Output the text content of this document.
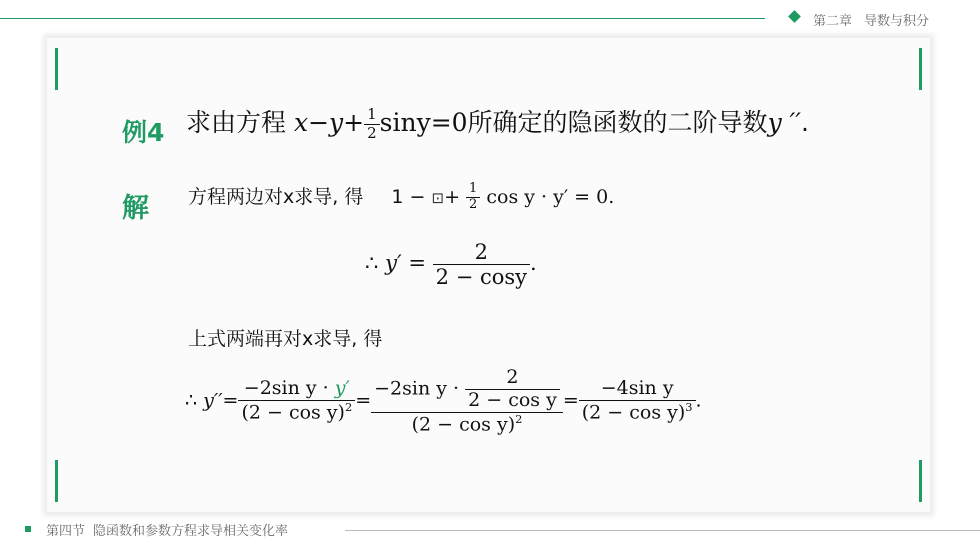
第二章 导数与积分
例4 求由方程 $x-y+ \frac{1}{2} \sin y=0$所确定的隐函数的二阶导数y ′′.
解 方程两边对x求导, 得 1 − ⊡+ $\frac{1}{2}$ cos y · y′ = 0.
∴ $y' = \frac{2}{2 - \cos y}$ .
上式两端再对x求导, 得
∴ $y''= \frac{\text{−2sin y · y′}}{(2 - \cos y)^2} = \frac{-2\sin y \cdot \frac{2}{\text{2 − cos y}}}{(2 - \cos y)^2} = \frac{\text{−4sin y}}{(2 - \cos y)^3}$ .
第四节 隐函数和参数方程求导相关变化率
